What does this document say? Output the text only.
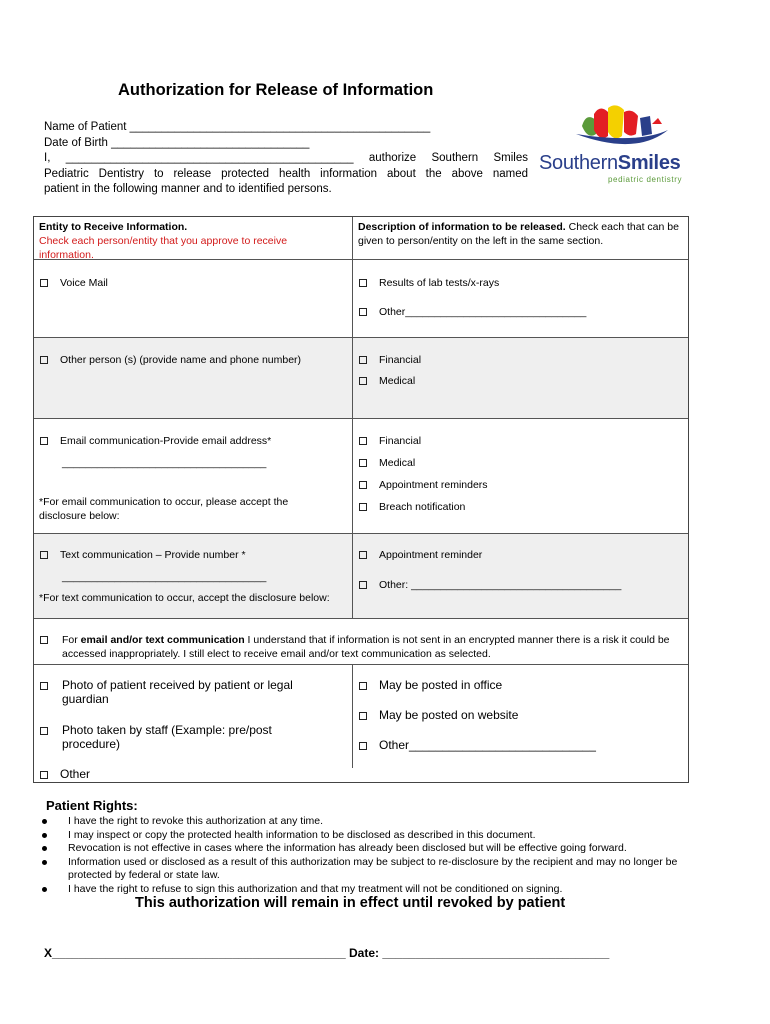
Authorization for Release of Information
Name of Patient _______________________________________________
Date of Birth _______________________________
I, _____________________________________________ authorize Southern Smiles
Pediatric Dentistry to release protected health information about the above named
patient in the following manner and to identified persons.
SouthernSmiles
pediatric dentistry
Entity to Receive Information.
Check each person/entity that you approve to receive information.
Description of information to be released. Check each that can be given to person/entity on the left in the same section.
Voice Mail	Results of lab tests/x-rays
Other_______________________________
Other person (s) (provide name and phone number)	Financial
Medical
Email communication-Provide email address*
___________________________________
*For email communication to occur, please accept the disclosure below:
Financial
Medical
Appointment reminders
Breach notification
Text communication – Provide number *
___________________________________
*For text communication to occur, accept the disclosure below:
Appointment reminder
Other: ____________________________________
For email and/or text communication I understand that if information is not sent in an encrypted manner there is a risk it could be accessed inappropriately. I still elect to receive email and/or text communication as selected.
Photo of patient received by patient or legal guardian
Photo taken by staff (Example: pre/post procedure)
Other
May be posted in office
May be posted on website
Other____________________________
Patient Rights:
I have the right to revoke this authorization at any time.
I may inspect or copy the protected health information to be disclosed as described in this document.
Revocation is not effective in cases where the information has already been disclosed but will be effective going forward.
Information used or disclosed as a result of this authorization may be subject to re-disclosure by the recipient and may no longer be protected by federal or state law.
I have the right to refuse to sign this authorization and that my treatment will not be conditioned on signing.
This authorization will remain in effect until revoked by patient
X____________________________________________ Date: __________________________________
